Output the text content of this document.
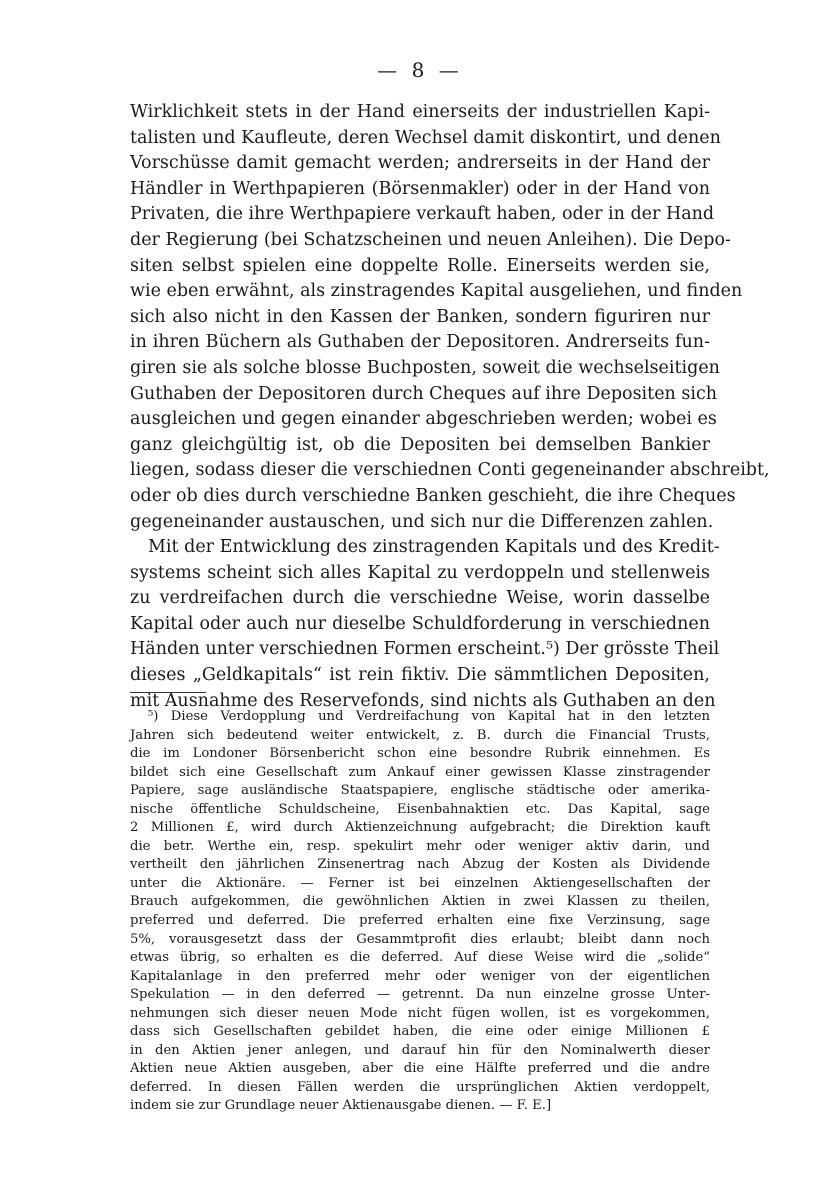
— 8 —
Wirklichkeit stets in der Hand einerseits der industriellen Kapi-
talisten und Kaufleute, deren Wechsel damit diskontirt, und denen
Vorschüsse damit gemacht werden; andrerseits in der Hand der
Händler in Werthpapieren (Börsenmakler) oder in der Hand von
Privaten, die ihre Werthpapiere verkauft haben, oder in der Hand
der Regierung (bei Schatzscheinen und neuen Anleihen). Die Depo-
siten selbst spielen eine doppelte Rolle. Einerseits werden sie,
wie eben erwähnt, als zinstragendes Kapital ausgeliehen, und finden
sich also nicht in den Kassen der Banken, sondern figuriren nur
in ihren Büchern als Guthaben der Depositoren. Andrerseits fun-
giren sie als solche blosse Buchposten, soweit die wechselseitigen
Guthaben der Depositoren durch Cheques auf ihre Depositen sich
ausgleichen und gegen einander abgeschrieben werden; wobei es
ganz gleichgültig ist, ob die Depositen bei demselben Bankier
liegen, sodass dieser die verschiednen Conti gegeneinander abschreibt,
oder ob dies durch verschiedne Banken geschieht, die ihre Cheques
gegeneinander austauschen, und sich nur die Differenzen zahlen.
Mit der Entwicklung des zinstragenden Kapitals und des Kredit-
systems scheint sich alles Kapital zu verdoppeln und stellenweis
zu verdreifachen durch die verschiedne Weise, worin dasselbe
Kapital oder auch nur dieselbe Schuldforderung in verschiednen
Händen unter verschiednen Formen erscheint.⁵) Der grösste Theil
dieses „Geldkapitals“ ist rein fiktiv. Die sämmtlichen Depositen,
mit Ausnahme des Reservefonds, sind nichts als Guthaben an den
⁵) Diese Verdopplung und Verdreifachung von Kapital hat in den letzten
Jahren sich bedeutend weiter entwickelt, z. B. durch die Financial Trusts,
die im Londoner Börsenbericht schon eine besondre Rubrik einnehmen. Es
bildet sich eine Gesellschaft zum Ankauf einer gewissen Klasse zinstragender
Papiere, sage ausländische Staatspapiere, englische städtische oder amerika-
nische öffentliche Schuldscheine, Eisenbahnaktien etc. Das Kapital, sage
2 Millionen £, wird durch Aktienzeichnung aufgebracht; die Direktion kauft
die betr. Werthe ein, resp. spekulirt mehr oder weniger aktiv darin, und
vertheilt den jährlichen Zinsenertrag nach Abzug der Kosten als Dividende
unter die Aktionäre. — Ferner ist bei einzelnen Aktiengesellschaften der
Brauch aufgekommen, die gewöhnlichen Aktien in zwei Klassen zu theilen,
preferred und deferred. Die preferred erhalten eine fixe Verzinsung, sage
5%, vorausgesetzt dass der Gesammtprofit dies erlaubt; bleibt dann noch
etwas übrig, so erhalten es die deferred. Auf diese Weise wird die „solide“
Kapitalanlage in den preferred mehr oder weniger von der eigentlichen
Spekulation — in den deferred — getrennt. Da nun einzelne grosse Unter-
nehmungen sich dieser neuen Mode nicht fügen wollen, ist es vorgekommen,
dass sich Gesellschaften gebildet haben, die eine oder einige Millionen £
in den Aktien jener anlegen, und darauf hin für den Nominalwerth dieser
Aktien neue Aktien ausgeben, aber die eine Hälfte preferred und die andre
deferred. In diesen Fällen werden die ursprünglichen Aktien verdoppelt,
indem sie zur Grundlage neuer Aktienausgabe dienen. — F. E.]
